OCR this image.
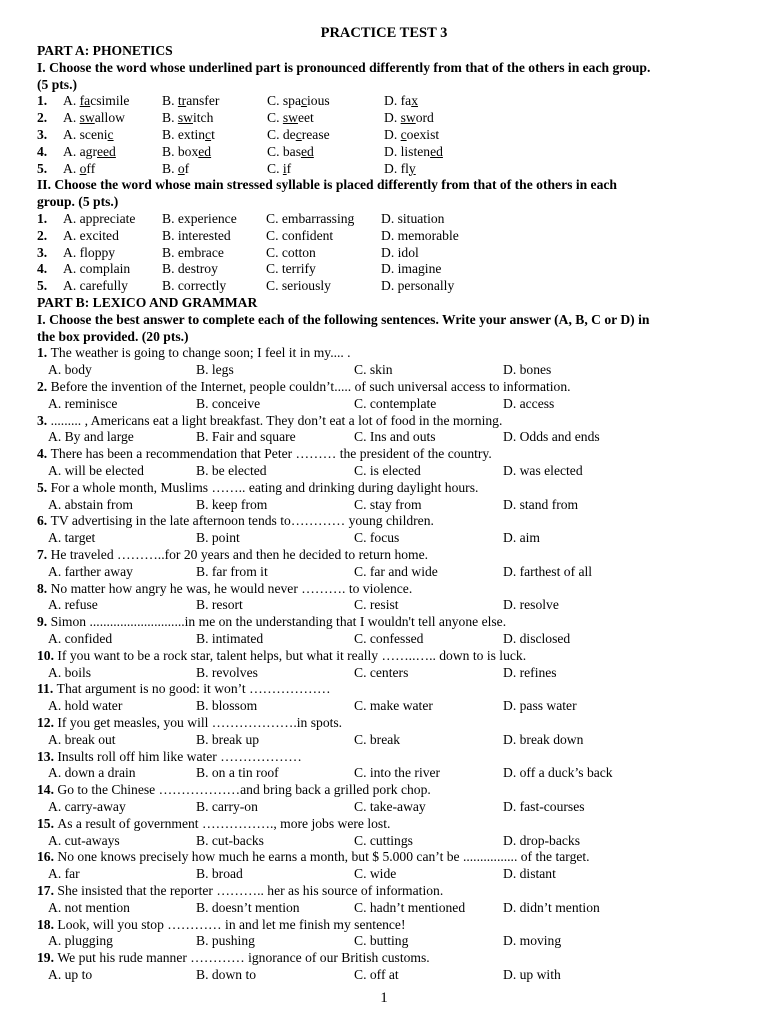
PRACTICE TEST 3
PART A: PHONETICS
I. Choose the word whose underlined part is pronounced differently from that of the others in each group.
(5 pts.)
1. A. facsimile B. transfer	C. spacious	D. fax
2. A. swallow	B. switch	C. sweet	D. sword
3. A. scenic	B. extinct	C. decrease	D. coexist
4. A. agreed	B. boxed	C. based	D. listened
5. A. off	B. of	C. if	D. fly
II. Choose the word whose main stressed syllable is placed differently from that of the others in each
group. (5 pts.)
1. A. appreciate B. experience C. embarrassing D. situation
2. A. excited	B. interested	C. confident	D. memorable
3. A. floppy	B. embrace	C. cotton	D. idol
4. A. complain B. destroy	C. terrify	D. imagine
5. A. carefully	B. correctly	C. seriously	D. personally
PART B: LEXICO AND GRAMMAR
I. Choose the best answer to complete each of the following sentences. Write your answer (A, B, C or D) in
the box provided. (20 pts.)
1. The weather is going to change soon; I feel it in my.... .
A. body	B. legs	C. skin	D. bones
2. Before the invention of the Internet, people couldn’t..... of such universal access to information.
A. reminisce	B. conceive	C. contemplate	D. access
3. ......... , Americans eat a light breakfast. They don’t eat a lot of food in the morning.
A. By and large	B. Fair and square	C. Ins and outs	D. Odds and ends
4. There has been a recommendation that Peter ……… the president of the country.
A. will be elected	B. be elected	C. is elected	D. was elected
5. For a whole month, Muslims …….. eating and drinking during daylight hours.
A. abstain from	B. keep from	C. stay from	D. stand from
6. TV advertising in the late afternoon tends to………… young children.
A. target	B. point	C. focus	D. aim
7. He traveled ………..for 20 years and then he decided to return home.
A. farther away	B. far from it	C. far and wide	D. farthest of all
8. No matter how angry he was, he would never ………. to violence.
A. refuse	B. resort	C. resist	D. resolve
9. Simon ............................in me on the understanding that I wouldn't tell anyone else.
A. confided	B. intimated	C. confessed	D. disclosed
10. If you want to be a rock star, talent helps, but what it really ……..….. down to is luck.
A. boils	B. revolves	C. centers	D. refines
11. That argument is no good: it won’t ………………
A. hold water	B. blossom	C. make water	D. pass water
12. If you get measles, you will ……………….in spots.
A. break out	B. break up	C. break	D. break down
13. Insults roll off him like water ………………
A. down a drain	B. on a tin roof	C. into the river	D. off a duck’s back
14. Go to the Chinese ………………and bring back a grilled pork chop.
A. carry-away	B. carry-on	C. take-away	D. fast-courses
15. As a result of government ……………., more jobs were lost.
A. cut-aways	B. cut-backs	C. cuttings	D. drop-backs
16. No one knows precisely how much he earns a month, but $ 5.000 can’t be ................ of the target.
A. far	B. broad	C. wide	D. distant
17. She insisted that the reporter ……….. her as his source of information.
A. not mention	B. doesn’t mention	C. hadn’t mentioned	D. didn’t mention
18. Look, will you stop ………… in and let me finish my sentence!
A. plugging	B. pushing	C. butting	D. moving
19. We put his rude manner ………… ignorance of our British customs.
A. up to	B. down to	C. off at	D. up with
1
